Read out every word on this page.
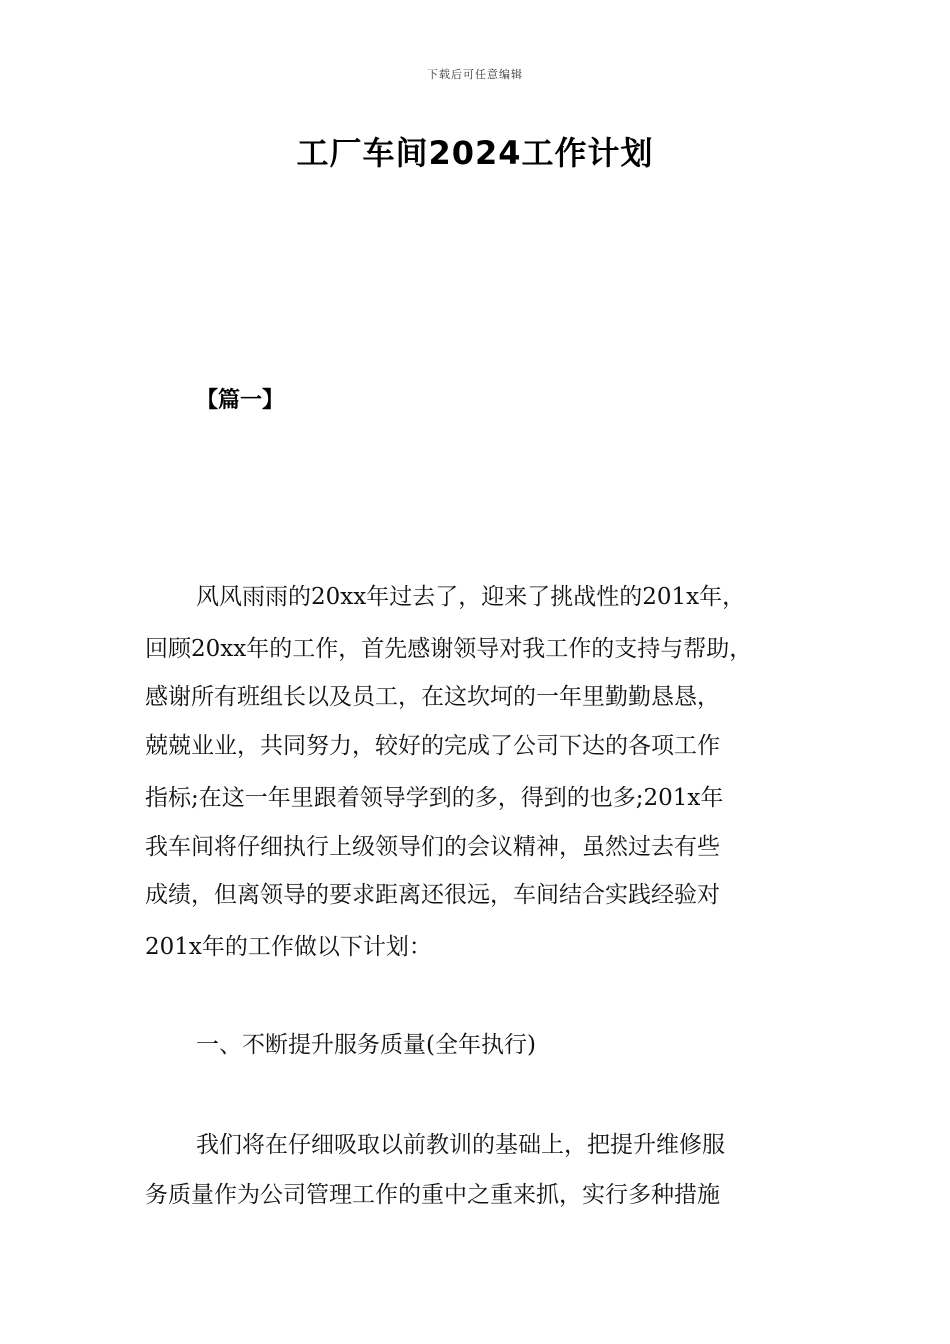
下载后可任意编辑
工厂车间2024工作计划
【篇一】
风风雨雨的20xx年过去了，迎来了挑战性的201x年，
回顾20xx年的工作，首先感谢领导对我工作的支持与帮助，
感谢所有班组长以及员工，在这坎坷的一年里勤勤恳恳，
兢兢业业，共同努力，较好的完成了公司下达的各项工作
指标;在这一年里跟着领导学到的多，得到的也多;201x年
我车间将仔细执行上级领导们的会议精神，虽然过去有些
成绩，但离领导的要求距离还很远，车间结合实践经验对
201x年的工作做以下计划：
一、不断提升服务质量(全年执行)
我们将在仔细吸取以前教训的基础上，把提升维修服
务质量作为公司管理工作的重中之重来抓，实行多种措施
